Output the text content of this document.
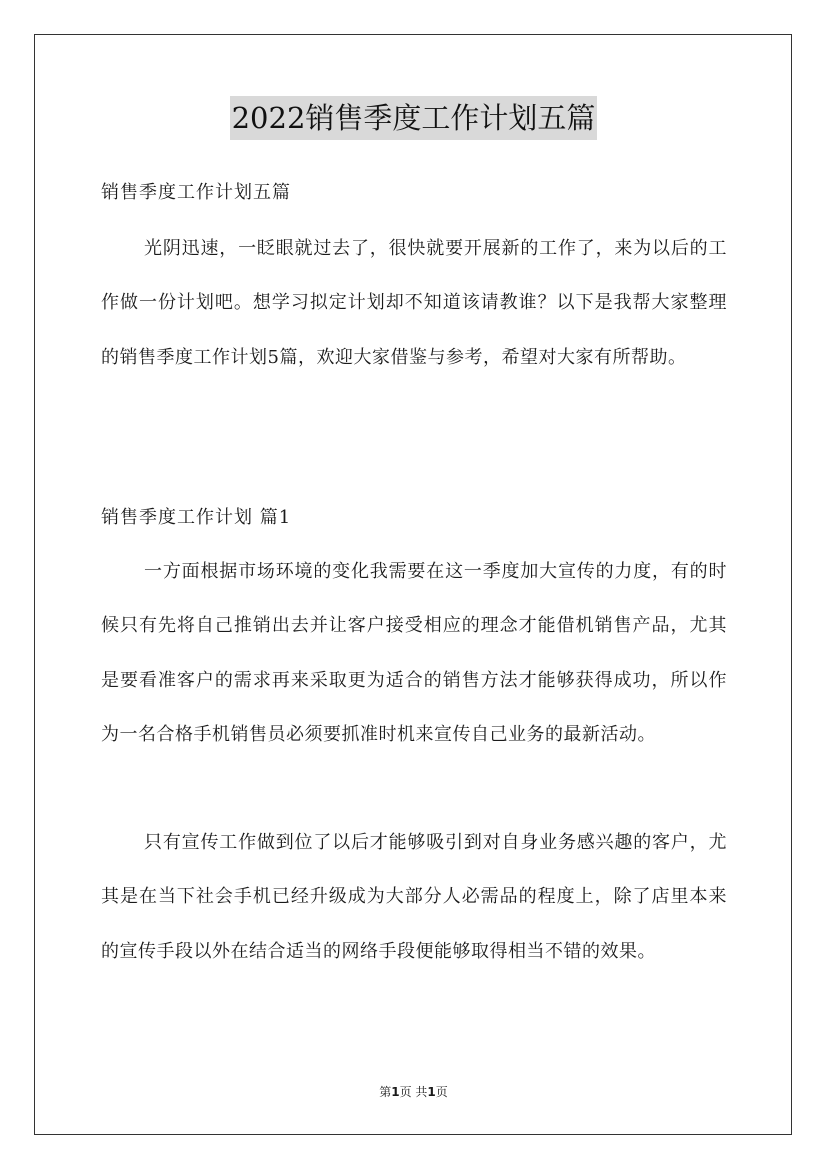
2022销售季度工作计划五篇
销售季度工作计划五篇

光阴迅速，一眨眼就过去了，很快就要开展新的工作了，来为以后的工作做一份计划吧。想学习拟定计划却不知道该请教谁？以下是我帮大家整理的销售季度工作计划5篇，欢迎大家借鉴与参考，希望对大家有所帮助。

销售季度工作计划 篇1

一方面根据市场环境的变化我需要在这一季度加大宣传的力度，有的时候只有先将自己推销出去并让客户接受相应的理念才能借机销售产品，尤其是要看准客户的需求再来采取更为适合的销售方法才能够获得成功，所以作为一名合格手机销售员必须要抓准时机来宣传自己业务的最新活动。

只有宣传工作做到位了以后才能够吸引到对自身业务感兴趣的客户，尤其是在当下社会手机已经升级成为大部分人必需品的程度上，除了店里本来的宣传手段以外在结合适当的网络手段便能够取得相当不错的效果。

第1页 共1页
